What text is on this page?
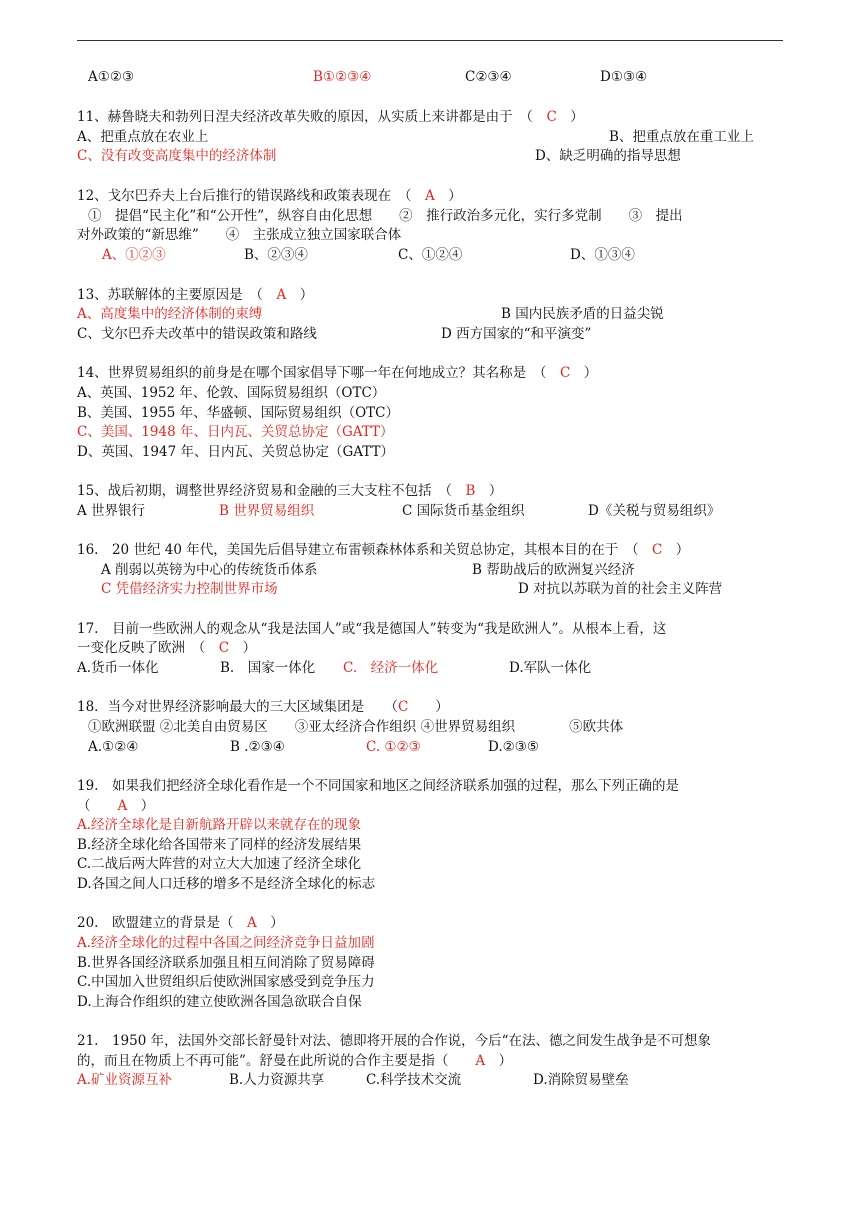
A①②③	B①②③④	C②③④	D①③④
11、赫鲁晓夫和勃列日涅夫经济改革失败的原因，从实质上来讲都是由于　（　 C　 ）
A、把重点放在农业上	B、把重点放在重工业上
C、没有改变高度集中的经济体制	D、缺乏明确的指导思想
12、戈尔巴乔夫上台后推行的错误路线和政策表现在　（　 A　 ）
①　提倡“民主化”和“公开性”，纵容自由化思想　　②　推行政治多元化，实行多党制　　③　提出
对外政策的“新思维”　　④　主张成立独立国家联合体
A、①②③	B、②③④	C、①②④	D、①③④
13、苏联解体的主要原因是　（　 A　 ）
A、高度集中的经济体制的束缚	B 国内民族矛盾的日益尖锐
C、戈尔巴乔夫改革中的错误政策和路线	D 西方国家的“和平演变”
14、世界贸易组织的前身是在哪个国家倡导下哪一年在何地成立？其名称是　（　 C　 ）
A、英国、1952 年、伦敦、国际贸易组织（OTC）
B、美国、1955 年、华盛顿、国际贸易组织（OTC）
C、美国、1948 年、日内瓦、关贸总协定（GATT）
D、英国、1947 年、日内瓦、关贸总协定（GATT）
15、战后初期，调整世界经济贸易和金融的三大支柱不包括　（　 B　 ）
A 世界银行	B 世界贸易组织	C 国际货币基金组织	D《关税与贸易组织》
16.　20 世纪 40 年代，美国先后倡导建立布雷顿森林体系和关贸总协定，其根本目的在于　（　 C　 ）
A 削弱以英镑为中心的传统货币体系	B 帮助战后的欧洲复兴经济
C 凭借经济实力控制世界市场	D 对抗以苏联为首的社会主义阵营
17.　目前一些欧洲人的观念从“我是法国人”或“我是德国人”转变为“我是欧洲人”。从根本上看，这
一变化反映了欧洲　（　 C　 ）
A.货币一体化	B.　国家一体化 C.　经济一体化	D.军队一体化
18．当今对世界经济影响最大的三大区域集团是　　（C　　 ）
①欧洲联盟 ②北美自由贸易区　　③亚太经济合作组织 ④世界贸易组织　　　　⑤欧共体
A.①②④	B .②③④	C. ①②③	D.②③⑤
19.　如果我们把经济全球化看作是一个不同国家和地区之间经济联系加强的过程，那么下列正确的是
（　　A　 ）
A.经济全球化是自新航路开辟以来就存在的现象
B.经济全球化给各国带来了同样的经济发展结果
C.二战后两大阵营的对立大大加速了经济全球化
D.各国之间人口迁移的增多不是经济全球化的标志
20.　欧盟建立的背景是（　A　）
A.经济全球化的过程中各国之间经济竞争日益加剧
B.世界各国经济联系加强且相互间消除了贸易障碍
C.中国加入世贸组织后使欧洲国家感受到竞争压力
D.上海合作组织的建立使欧洲各国急欲联合自保
21.　1950 年，法国外交部长舒曼针对法、德即将开展的合作说，今后“在法、德之间发生战争是不可想象
的，而且在物质上不再可能”。舒曼在此所说的合作主要是指（　　A　）
A.矿业资源互补	B.人力资源共享	C.科学技术交流	D.消除贸易壁垒
